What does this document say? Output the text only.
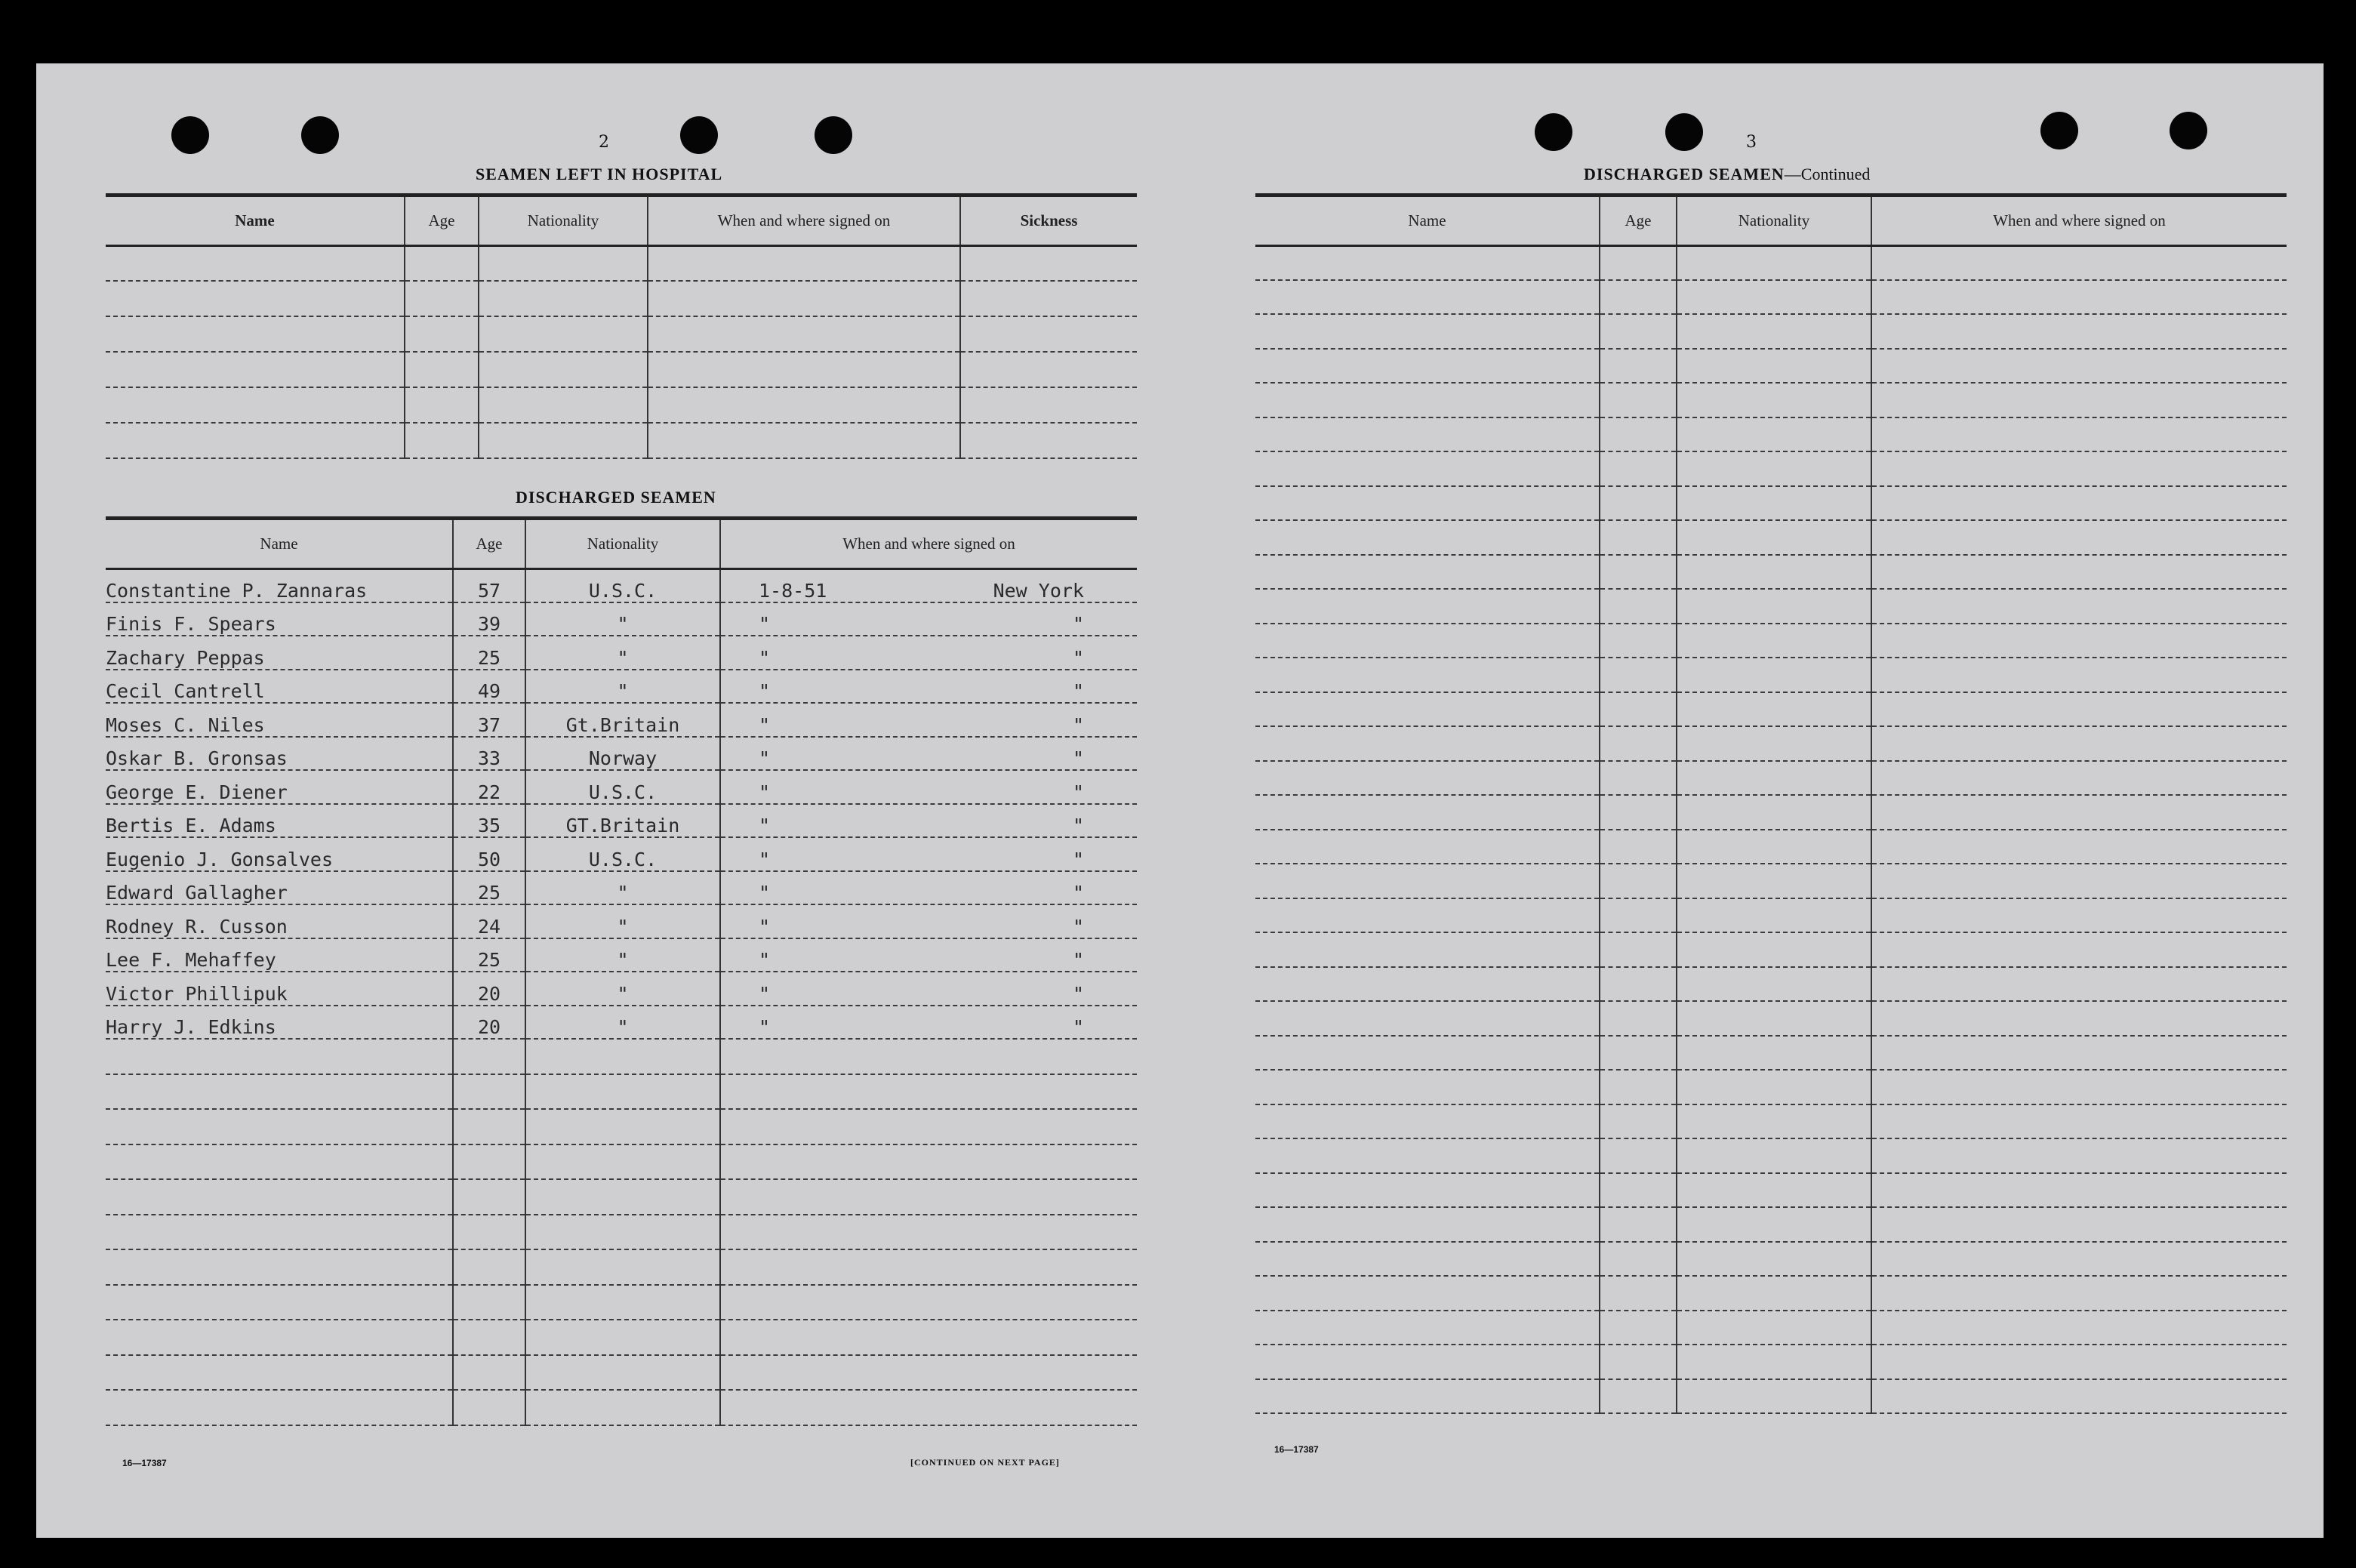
2
SEAMEN LEFT IN HOSPITAL

Name	Age	Nationality	When and where signed on	Sickness

DISCHARGED SEAMEN

Name	Age	Nationality	When and where signed on
Constantine P. Zannaras	57	U.S.C.	1-8-51 New York

Finis F. Spears	39	"	" "

Zachary Peppas	25	"	" "

Cecil Cantrell	49	"	" "

Moses C. Niles	37	Gt.Britain	" "

Oskar B. Gronsas	33	Norway	" "

George E. Diener	22	U.S.C.	" "

Bertis E. Adams	35	GT.Britain	" "

Eugenio J. Gonsalves	50	U.S.C.	" "

Edward Gallagher	25	"	" "

Rodney R. Cusson	24	"	" "

Lee F. Mehaffey	25	"	" "

Victor Phillipuk	20	"	" "

Harry J. Edkins	20	"	" "

16—17387	[CONTINUED ON NEXT PAGE]
3
DISCHARGED SEAMEN—Continued

Name	Age	Nationality	When and where signed on

16—17387
